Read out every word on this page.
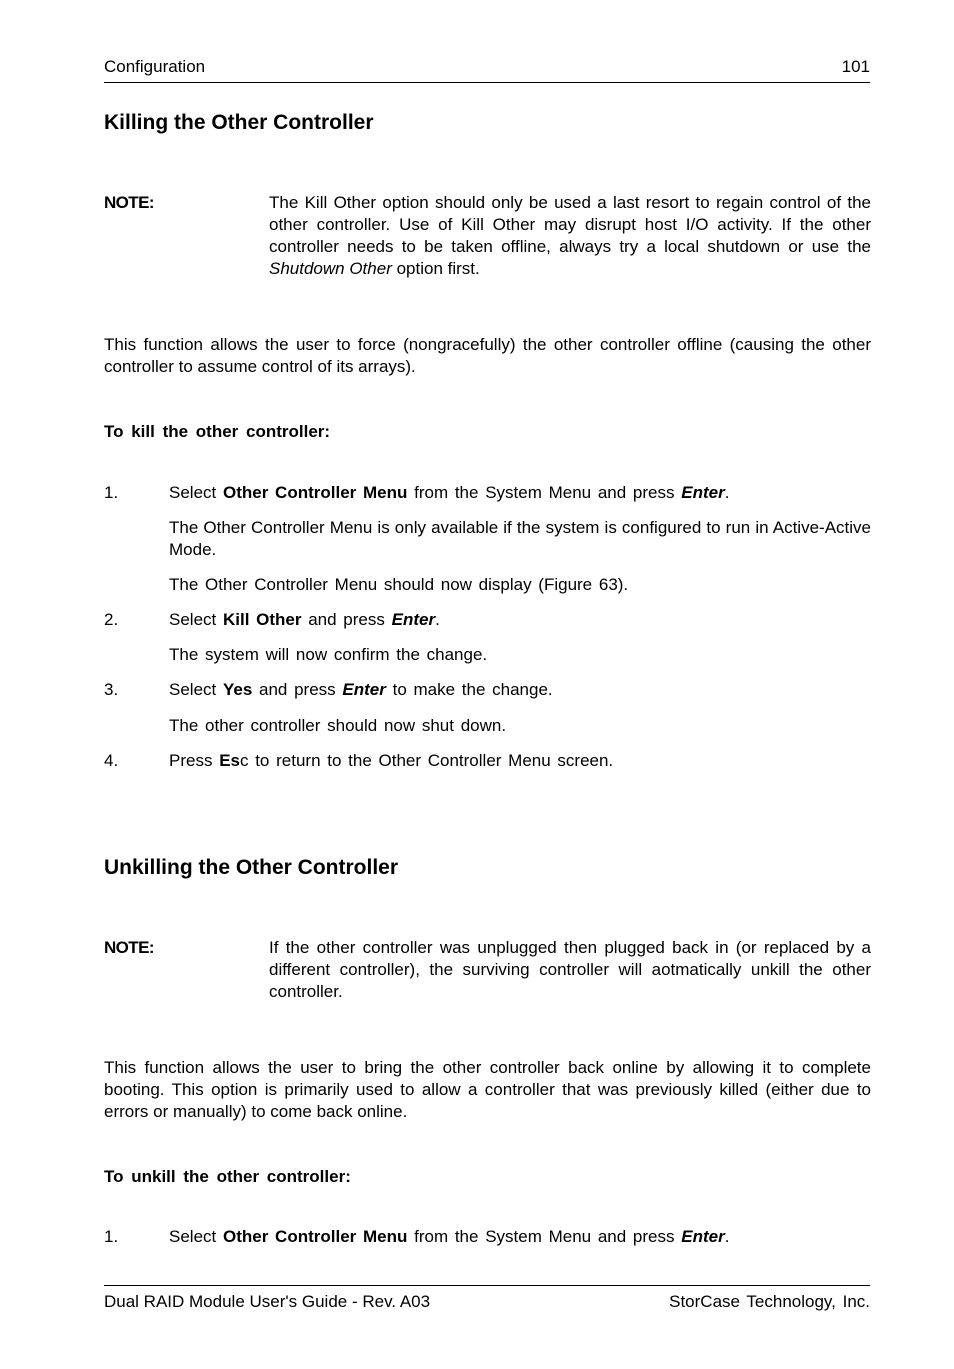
Configuration	101
Killing the Other Controller
NOTE:	The Kill Other option should only be used a last resort to regain control of the other controller. Use of Kill Other may disrupt host I/O activity. If the other controller needs to be taken offline, always try a local shutdown or use the Shutdown Other option first.
This function allows the user to force (nongracefully) the other controller offline (causing the other controller to assume control of its arrays).
To kill the other controller:
1.	Select Other Controller Menu from the System Menu and press Enter.
The Other Controller Menu is only available if the system is configured to run in Active-Active Mode.
The Other Controller Menu should now display (Figure 63).
2.	Select Kill Other and press Enter.
The system will now confirm the change.
3.	Select Yes and press Enter to make the change.
The other controller should now shut down.
4.	Press Esc to return to the Other Controller Menu screen.
Unkilling the Other Controller
NOTE:	If the other controller was unplugged then plugged back in (or replaced by a different controller), the surviving controller will aotmatically unkill the other controller.
This function allows the user to bring the other controller back online by allowing it to complete booting. This option is primarily used to allow a controller that was previously killed (either due to errors or manually) to come back online.
To unkill the other controller:
1.	Select Other Controller Menu from the System Menu and press Enter.
Dual RAID Module User's Guide - Rev. A03	StorCase Technology, Inc.
